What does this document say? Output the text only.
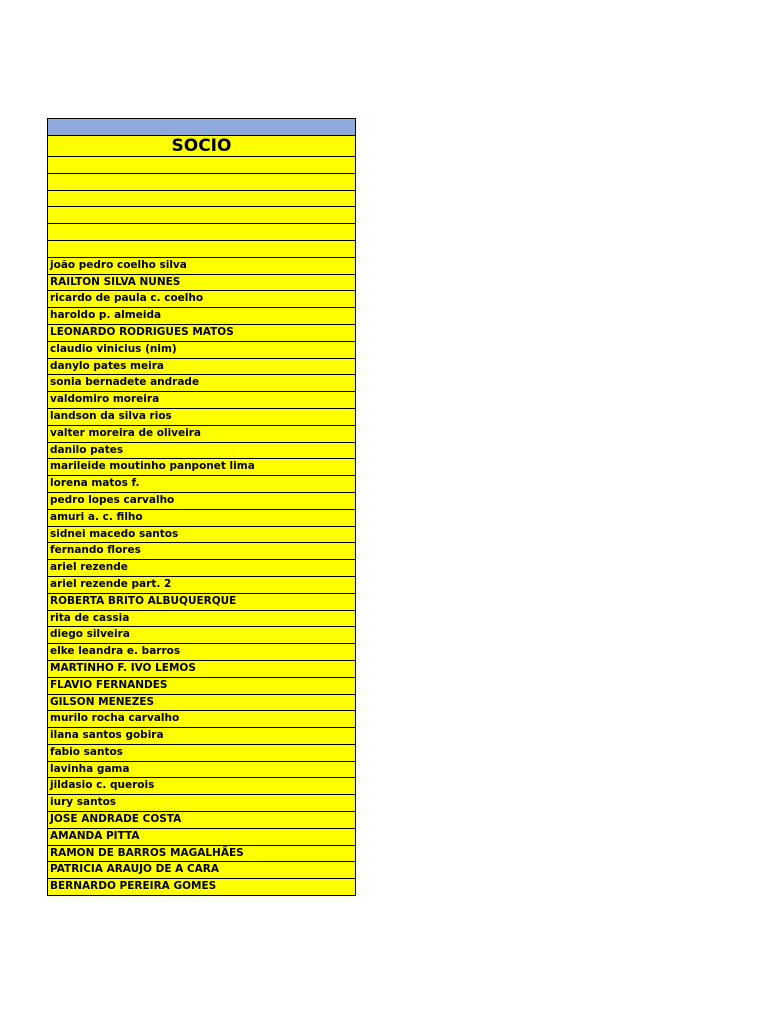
SOCIO
joão pedro coelho silva
RAILTON SILVA NUNES
ricardo de paula c. coelho
haroldo p. almeida
LEONARDO RODRIGUES MATOS
claudio vinicius (nim)
danylo pates meira
sonia bernadete andrade
valdomiro moreira
landson da silva rios
valter moreira de oliveira
danilo pates
marileide moutinho panponet lima
lorena matos f.
pedro lopes carvalho
amuri a. c. filho
sidnei macedo santos
fernando flores
ariel rezende
ariel rezende part. 2
ROBERTA BRITO ALBUQUERQUE
rita de cassia
diego silveira
elke leandra e. barros
MARTINHO F. IVO LEMOS
FLAVIO FERNANDES
GILSON MENEZES
murilo rocha carvalho
ilana santos gobira
fabio santos
lavinha gama
jildasio c. querois
iury santos
JOSE ANDRADE COSTA
AMANDA PITTA
RAMON DE BARROS MAGALHÃES
PATRICIA ARAUJO DE A CARA
BERNARDO PEREIRA GOMES
